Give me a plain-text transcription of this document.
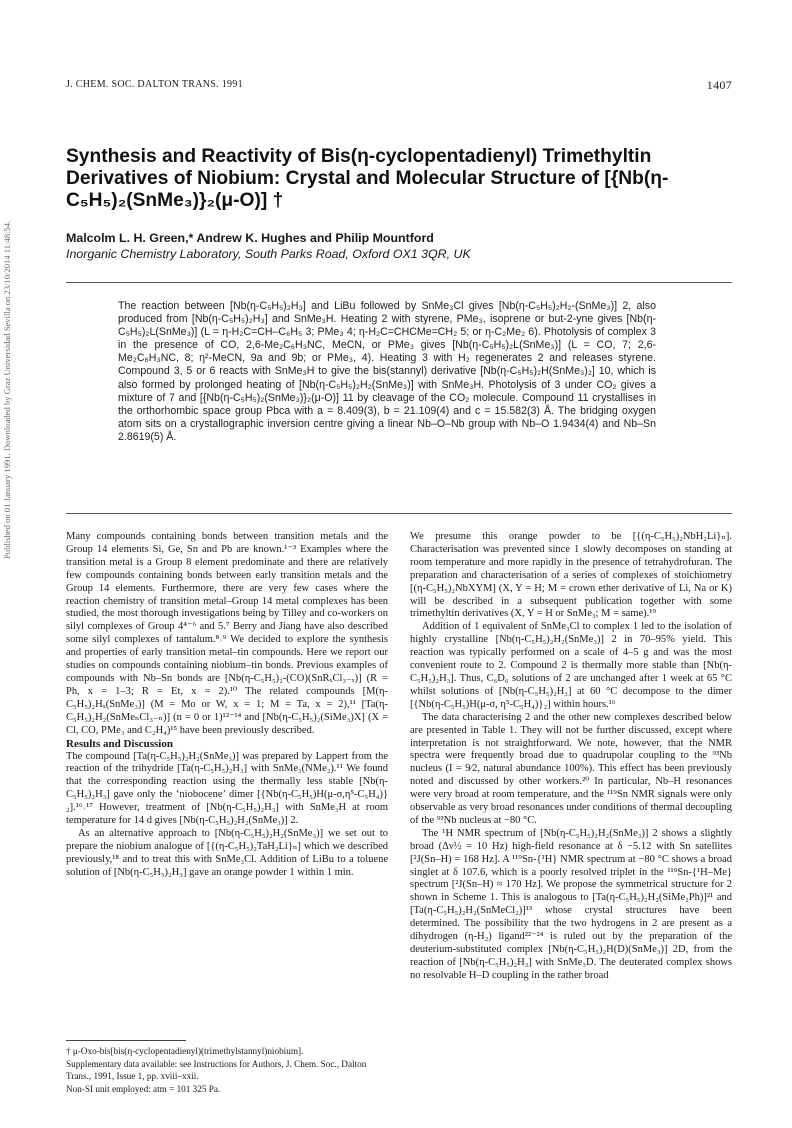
Published on 01 January 1991. Downloaded by Graz Universidad Sevilla on 23/10/2014 11:48:54.
J. CHEM. SOC. DALTON TRANS. 1991	1407
Synthesis and Reactivity of Bis(η-cyclopentadienyl) Trimethyltin Derivatives of Niobium: Crystal and Molecular Structure of [{Nb(η-C₅H₅)₂(SnMe₃)}₂(μ-O)] †
Malcolm L. H. Green,* Andrew K. Hughes and Philip Mountford
Inorganic Chemistry Laboratory, South Parks Road, Oxford OX1 3QR, UK
The reaction between [Nb(η-C₅H₅)₂H₃] and LiBu followed by SnMe₃Cl gives [Nb(η-C₅H₅)₂H₂-(SnMe₃)] 2, also produced from [Nb(η-C₅H₅)₂H₃] and SnMe₃H. Heating 2 with styrene, PMe₃, isoprene or but-2-yne gives [Nb(η-C₅H₅)₂L(SnMe₃)] (L = η-H₂C=CH–C₆H₅ 3; PMe₃ 4; η-H₂C=CHCMe=CH₂ 5; or η-C₂Me₂ 6). Photolysis of complex 3 in the presence of CO, 2,6-Me₂C₆H₃NC, MeCN, or PMe₃ gives [Nb(η-C₅H₅)₂L(SnMe₃)] (L = CO, 7; 2,6-Me₂C₆H₃NC, 8; η²-MeCN, 9a and 9b; or PMe₃, 4). Heating 3 with H₂ regenerates 2 and releases styrene. Compound 3, 5 or 6 reacts with SnMe₃H to give the bis(stannyl) derivative [Nb(η-C₅H₅)₂H(SnMe₃)₂] 10, which is also formed by prolonged heating of [Nb(η-C₅H₅)₂H₂(SnMe₃)] with SnMe₃H. Photolysis of 3 under CO₂ gives a mixture of 7 and [{Nb(η-C₅H₅)₂(SnMe₃)}₂(μ-O)] 11 by cleavage of the CO₂ molecule. Compound 11 crystallises in the orthorhombic space group Pbca with a = 8.409(3), b = 21.109(4) and c = 15.582(3) Å. The bridging oxygen atom sits on a crystallographic inversion centre giving a linear Nb–O–Nb group with Nb–O 1.9434(4) and Nb–Sn 2.8619(5) Å.

Many compounds containing bonds between transition metals and the Group 14 elements Si, Ge, Sn and Pb are known.¹⁻³ Examples where the transition metal is a Group 8 element predominate and there are relatively few compounds containing bonds between early transition metals and the Group 14 elements. Furthermore, there are very few cases where the reaction chemistry of transition metal–Group 14 metal complexes has been studied, the most thorough investigations being by Tilley and co-workers on silyl complexes of Group 4⁴⁻⁶ and 5.⁷ Berry and Jiang have also described some silyl complexes of tantalum.⁸˒⁹ We decided to explore the synthesis and properties of early transition metal–tin compounds. Here we report our studies on compounds containing niobium–tin bonds. Previous examples of compounds with Nb–Sn bonds are [Nb(η-C₅H₅)₂-(CO)(SnRₓCl₃₋ₓ)] (R = Ph, x = 1–3; R = Et, x = 2).¹⁰ The related compounds [M(η-C₅H₅)₂Hₓ(SnMe₃)] (M = Mo or W, x = 1; M = Ta, x = 2),¹¹ [Ta(η-C₅H₅)₂H₂(SnMeₙCl₃₋ₙ)] (n = 0 or 1)¹²⁻¹⁴ and [Nb(η-C₅H₅)₂(SiMe₃)X] (X = Cl, CO, PMe₃ and C₂H₄)¹⁵ have been previously described.

Results and Discussion

The compound [Ta(η-C₅H₅)₂H₂(SnMe₃)] was prepared by Lappert from the reaction of the trihydride [Ta(η-C₅H₅)₂H₃] with SnMe₃(NMe₂).¹¹ We found that the corresponding reaction using the thermally less stable [Nb(η-C₅H₅)₂H₃] gave only the ‘niobocene’ dimer [{Nb(η-C₅H₅)H(μ-σ,η⁵-C₅H₄)}₂].¹⁶˒¹⁷ However, treatment of [Nb(η-C₅H₅)₂H₃] with SnMe₃H at room temperature for 14 d gives [Nb(η-C₅H₅)₂H₂(SnMe₃)] 2.

As an alternative approach to [Nb(η-C₅H₅)₂H₂(SnMe₃)] we set out to prepare the niobium analogue of [{(η-C₅H₅)₂TaH₂Li}ₙ] which we described previously,¹⁸ and to treat this with SnMe₃Cl. Addition of LiBu to a toluene solution of [Nb(η-C₅H₅)₂H₃] gave an orange powder 1 within 1 min.

We presume this orange powder to be [{(η-C₅H₅)₂NbH₂Li}ₙ]. Characterisation was prevented since 1 slowly decomposes on standing at room temperature and more rapidly in the presence of tetrahydrofuran. The preparation and characterisation of a series of complexes of stoichiometry [(η-C₅H₅)₂NbXYM] (X, Y = H; M = crown ether derivative of Li, Na or K) will be described in a subsequent publication together with some trimethyltin derivatives (X, Y = H or SnMe₃; M = same).¹⁹

Addition of 1 equivalent of SnMe₃Cl to complex 1 led to the isolation of highly crystalline [Nb(η-C₅H₅)₂H₂(SnMe₃)] 2 in 70–95% yield. This reaction was typically performed on a scale of 4–5 g and was the most convenient route to 2. Compound 2 is thermally more stable than [Nb(η-C₅H₅)₂H₃]. Thus, C₆D₆ solutions of 2 are unchanged after 1 week at 65 °C whilst solutions of [Nb(η-C₅H₅)₂H₃] at 60 °C decompose to the dimer [{Nb(η-C₅H₅)H(μ-σ, η⁵-C₅H₄)}₂] within hours.¹⁶

The data characterising 2 and the other new complexes described below are presented in Table 1. They will not be further discussed, except where interpretation is not straightforward. We note, however, that the NMR spectra were frequently broad due to quadrupolar coupling to the ⁹³Nb nucleus (I = 9⁄2, natural abundance 100%). This effect has been previously noted and discussed by other workers.²⁰ In particular, Nb–H resonances were very broad at room temperature, and the ¹¹⁹Sn NMR signals were only observable as very broad resonances under conditions of thermal decoupling of the ⁹³Nb nucleus at −80 °C.

The ¹H NMR spectrum of [Nb(η-C₅H₅)₂H₂(SnMe₃)] 2 shows a slightly broad (Δν½ = 10 Hz) high-field resonance at δ −5.12 with Sn satellites [²J(Sn–H) = 168 Hz]. A ¹¹⁹Sn-{¹H} NMR spectrum at −80 °C shows a broad singlet at δ 107.6, which is a poorly resolved triplet in the ¹¹⁹Sn-{¹H–Me} spectrum [²J(Sn–H) ≈ 170 Hz]. We propose the symmetrical structure for 2 shown in Scheme 1. This is analogous to [Ta(η-C₅H₅)₂H₂(SiMe₂Ph)]²¹ and [Ta(η-C₅H₅)₂H₂(SnMeCl₂)]¹³ whose crystal structures have been determined. The possibility that the two hydrogens in 2 are present as a dihydrogen (η-H₂) ligand²²⁻²⁴ is ruled out by the preparation of the deuterium-substituted complex [Nb(η-C₅H₅)₂H(D)(SnMe₃)] 2D, from the reaction of [Nb(η-C₅H₅)₂H₃] with SnMe₃D. The deuterated complex shows no resolvable H–D coupling in the rather broad

† μ-Oxo-bis[bis(η-cyclopentadienyl)(trimethylstannyl)niobium].

Supplementary data available: see Instructions for Authors, J. Chem. Soc., Dalton Trans., 1991, Issue 1, pp. xviii–xxii.

Non-SI unit employed: atm = 101 325 Pa.
